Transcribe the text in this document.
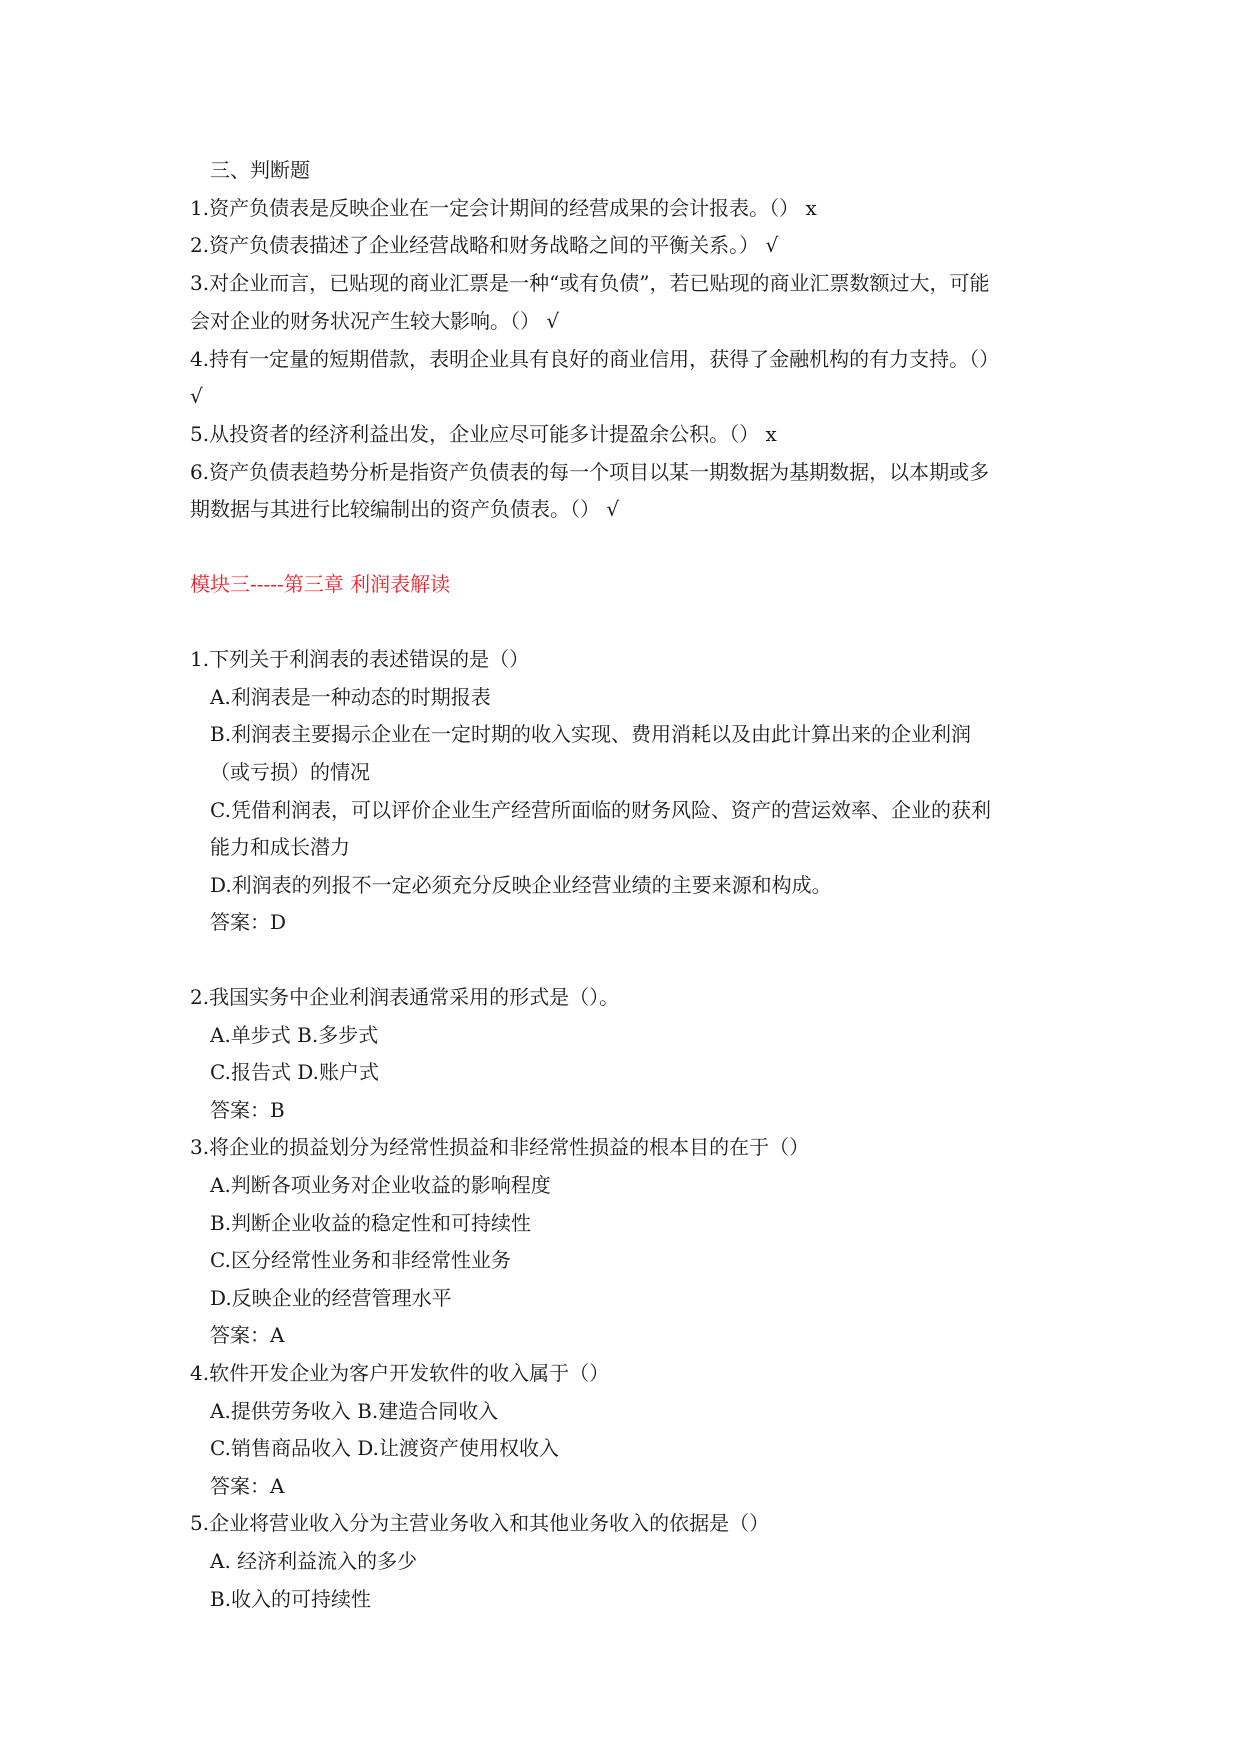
三、判断题
1.资产负债表是反映企业在一定会计期间的经营成果的会计报表。（） x
2.资产负债表描述了企业经营战略和财务战略之间的平衡关系。） √
3.对企业而言，已贴现的商业汇票是一种“或有负债”，若已贴现的商业汇票数额过大，可能
会对企业的财务状况产生较大影响。（） √
4.持有一定量的短期借款，表明企业具有良好的商业信用，获得了金融机构的有力支持。（）
√
5.从投资者的经济利益出发，企业应尽可能多计提盈余公积。（） x
6.资产负债表趋势分析是指资产负债表的每一个项目以某一期数据为基期数据，以本期或多
期数据与其进行比较编制出的资产负债表。（） √
模块三-----第三章 利润表解读
1.下列关于利润表的表述错误的是（）
A.利润表是一种动态的时期报表
B.利润表主要揭示企业在一定时期的收入实现、费用消耗以及由此计算出来的企业利润
（或亏损）的情况
C.凭借利润表，可以评价企业生产经营所面临的财务风险、资产的营运效率、企业的获利
能力和成长潜力
D.利润表的列报不一定必须充分反映企业经营业绩的主要来源和构成。
答案：D
2.我国实务中企业利润表通常采用的形式是（）。
A.单步式 B.多步式
C.报告式 D.账户式
答案：B
3.将企业的损益划分为经常性损益和非经常性损益的根本目的在于（）
A.判断各项业务对企业收益的影响程度
B.判断企业收益的稳定性和可持续性
C.区分经常性业务和非经常性业务
D.反映企业的经营管理水平
答案：A
4.软件开发企业为客户开发软件的收入属于（）
A.提供劳务收入 B.建造合同收入
C.销售商品收入 D.让渡资产使用权收入
答案：A
5.企业将营业收入分为主营业务收入和其他业务收入的依据是（）
A. 经济利益流入的多少
B.收入的可持续性
